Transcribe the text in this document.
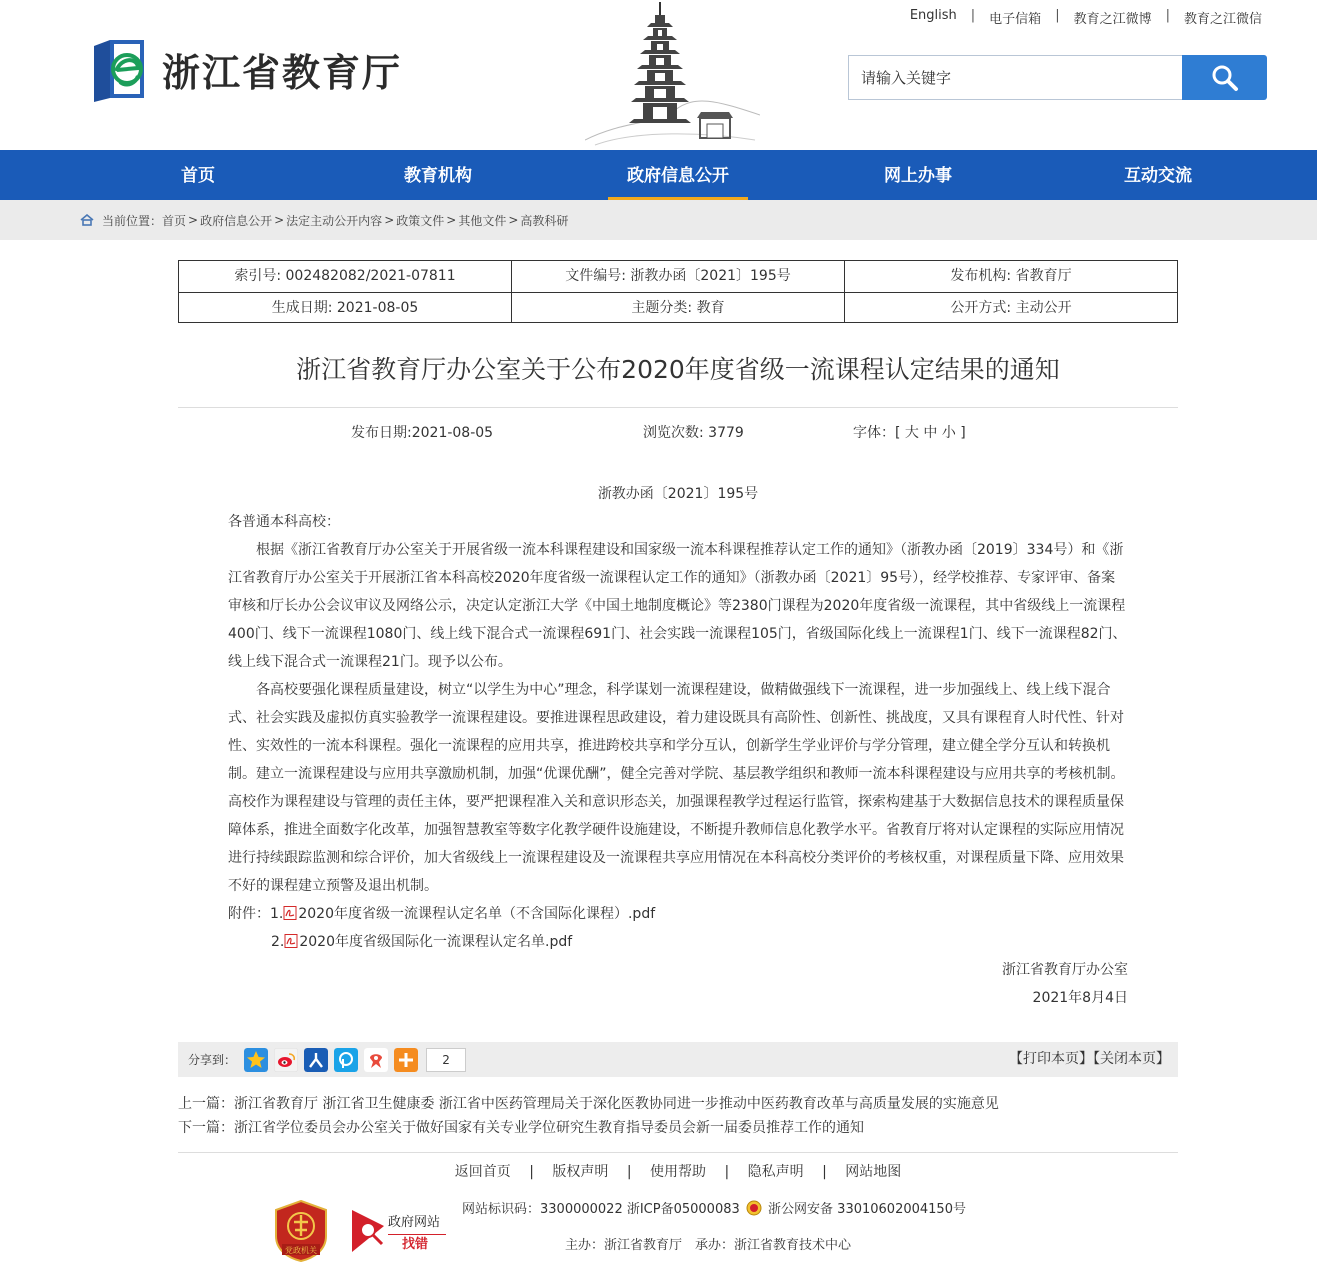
浙江省教育厅
English | 电子信箱 | 教育之江微博 | 教育之江微信
请输入关键字
首页	教育机构	政府信息公开	网上办事	互动交流
当前位置： 首页 > 政府信息公开 > 法定主动公开内容 > 政策文件 > 其他文件 > 高教科研
索引号: 002482082/2021-07811	文件编号: 浙教办函〔2021〕195号	发布机构: 省教育厅
生成日期: 2021-08-05	主题分类: 教育	公开方式: 主动公开
浙江省教育厅办公室关于公布2020年度省级一流课程认定结果的通知
发布日期:2021-08-05	浏览次数: 3779	字体：[ 大 中 小 ]

浙教办函〔2021〕195号

各普通本科高校：

根据《浙江省教育厅办公室关于开展省级一流本科课程建设和国家级一流本科课程推荐认定工作的通知》（浙教办函〔2019〕334号）和《浙江省教育厅办公室关于开展浙江省本科高校2020年度省级一流课程认定工作的通知》（浙教办函〔2021〕95号），经学校推荐、专家评审、备案审核和厅长办公会议审议及网络公示，决定认定浙江大学《中国土地制度概论》等2380门课程为2020年度省级一流课程，其中省级线上一流课程400门、线下一流课程1080门、线上线下混合式一流课程691门、社会实践一流课程105门，省级国际化线上一流课程1门、线下一流课程82门、线上线下混合式一流课程21门。现予以公布。

各高校要强化课程质量建设，树立“以学生为中心”理念，科学谋划一流课程建设，做精做强线下一流课程，进一步加强线上、线上线下混合式、社会实践及虚拟仿真实验教学一流课程建设。要推进课程思政建设，着力建设既具有高阶性、创新性、挑战度，又具有课程育人时代性、针对性、实效性的一流本科课程。强化一流课程的应用共享，推进跨校共享和学分互认，创新学生学业评价与学分管理，建立健全学分互认和转换机制。建立一流课程建设与应用共享激励机制，加强“优课优酬”，健全完善对学院、基层教学组织和教师一流本科课程建设与应用共享的考核机制。高校作为课程建设与管理的责任主体，要严把课程准入关和意识形态关，加强课程教学过程运行监管，探索构建基于大数据信息技术的课程质量保障体系，推进全面数字化改革，加强智慧教室等数字化教学硬件设施建设，不断提升教师信息化教学水平。省教育厅将对认定课程的实际应用情况进行持续跟踪监测和综合评价，加大省级线上一流课程建设及一流课程共享应用情况在本科高校分类评价的考核权重，对课程质量下降、应用效果不好的课程建立预警及退出机制。

附件：1. 2020年度省级一流课程认定名单（不含国际化课程）.pdf

2. 2020年度省级国际化一流课程认定名单.pdf

浙江省教育厅办公室

2021年8月4日

分享到：	2	【打印本页】【关闭本页】
上一篇：浙江省教育厅 浙江省卫生健康委 浙江省中医药管理局关于深化医教协同进一步推动中医药教育改革与高质量发展的实施意见
下一篇：浙江省学位委员会办公室关于做好国家有关专业学位研究生教育指导委员会新一届委员推荐工作的通知
返回首页 | 版权声明 | 使用帮助 | 隐私声明 | 网站地图
党政机关
政府网站
找错
网站标识码：3300000022 浙ICP备05000083 浙公网安备 33010602004150号
主办：浙江省教育厅　承办：浙江省教育技术中心
